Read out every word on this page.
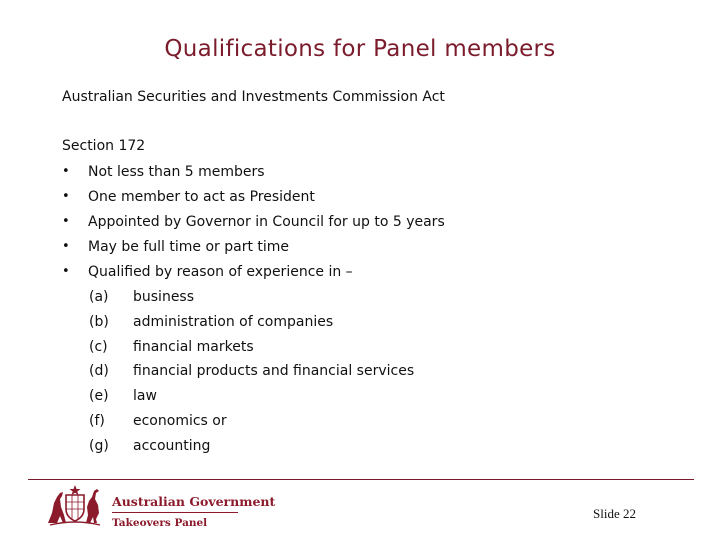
Qualifications for Panel members
Australian Securities and Investments Commission Act
Section 172
• Not less than 5 members
• One member to act as President
• Appointed by Governor in Council for up to 5 years
• May be full time or part time
• Qualified by reason of experience in –
(a) business
(b) administration of companies
(c) financial markets
(d) financial products and financial services
(e) law
(f) economics or
(g) accounting
Australian Government
Takeovers Panel
Slide 22
